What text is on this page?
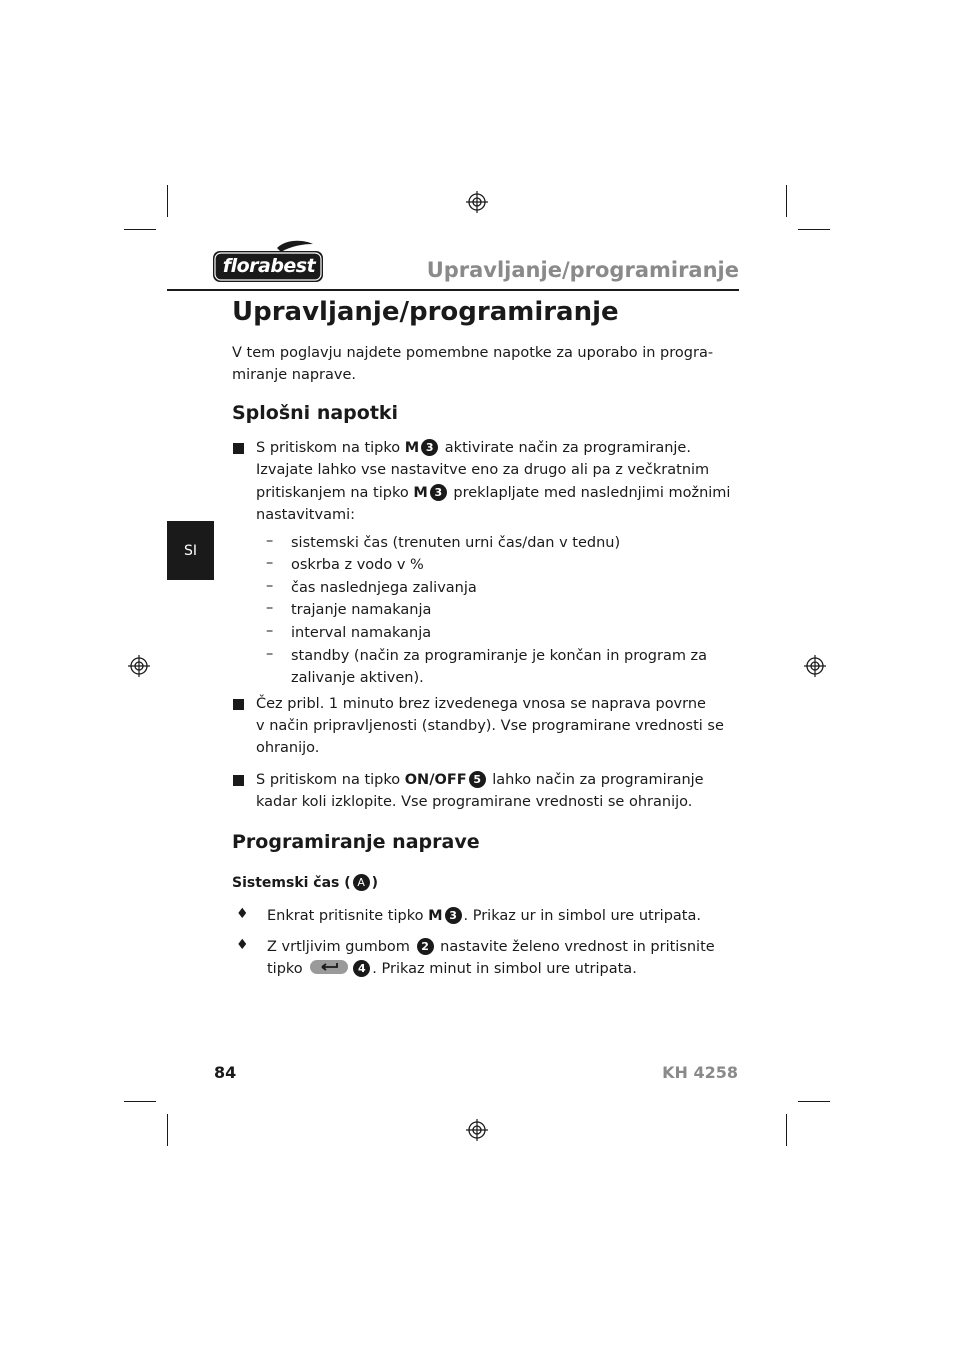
florabest	Upravljanje/programiranje
SI
Upravljanje/programiranje
V tem poglavju najdete pomembne napotke za uporabo in progra-
miranje naprave.
Splošni napotki
S pritiskom na tipko M 3 aktivirate način za programiranje.
Izvajate lahko vse nastavitve eno za drugo ali pa z večkratnim
pritiskanjem na tipko M 3 preklapljate med naslednjimi možnimi
nastavitvami:
– sistemski čas (trenuten urni čas/dan v tednu)
– oskrba z vodo v %
– čas naslednjega zalivanja
– trajanje namakanja
– interval namakanja
– standby (način za programiranje je končan in program za
zalivanje aktiven).
Čez pribl. 1 minuto brez izvedenega vnosa se naprava povrne
v način pripravljenosti (standby). Vse programirane vrednosti se
ohranijo.
S pritiskom na tipko ON/OFF 5 lahko način za programiranje
kadar koli izklopite. Vse programirane vrednosti se ohranijo.
Programiranje naprave
Sistemski čas ( A )
♦ Enkrat pritisnite tipko M 3 . Prikaz ur in simbol ure utripata.
♦ Z vrtljivim gumbom 2 nastavite želeno vrednost in pritisnite
tipko	4 . Prikaz minut in simbol ure utripata.
84	KH 4258
